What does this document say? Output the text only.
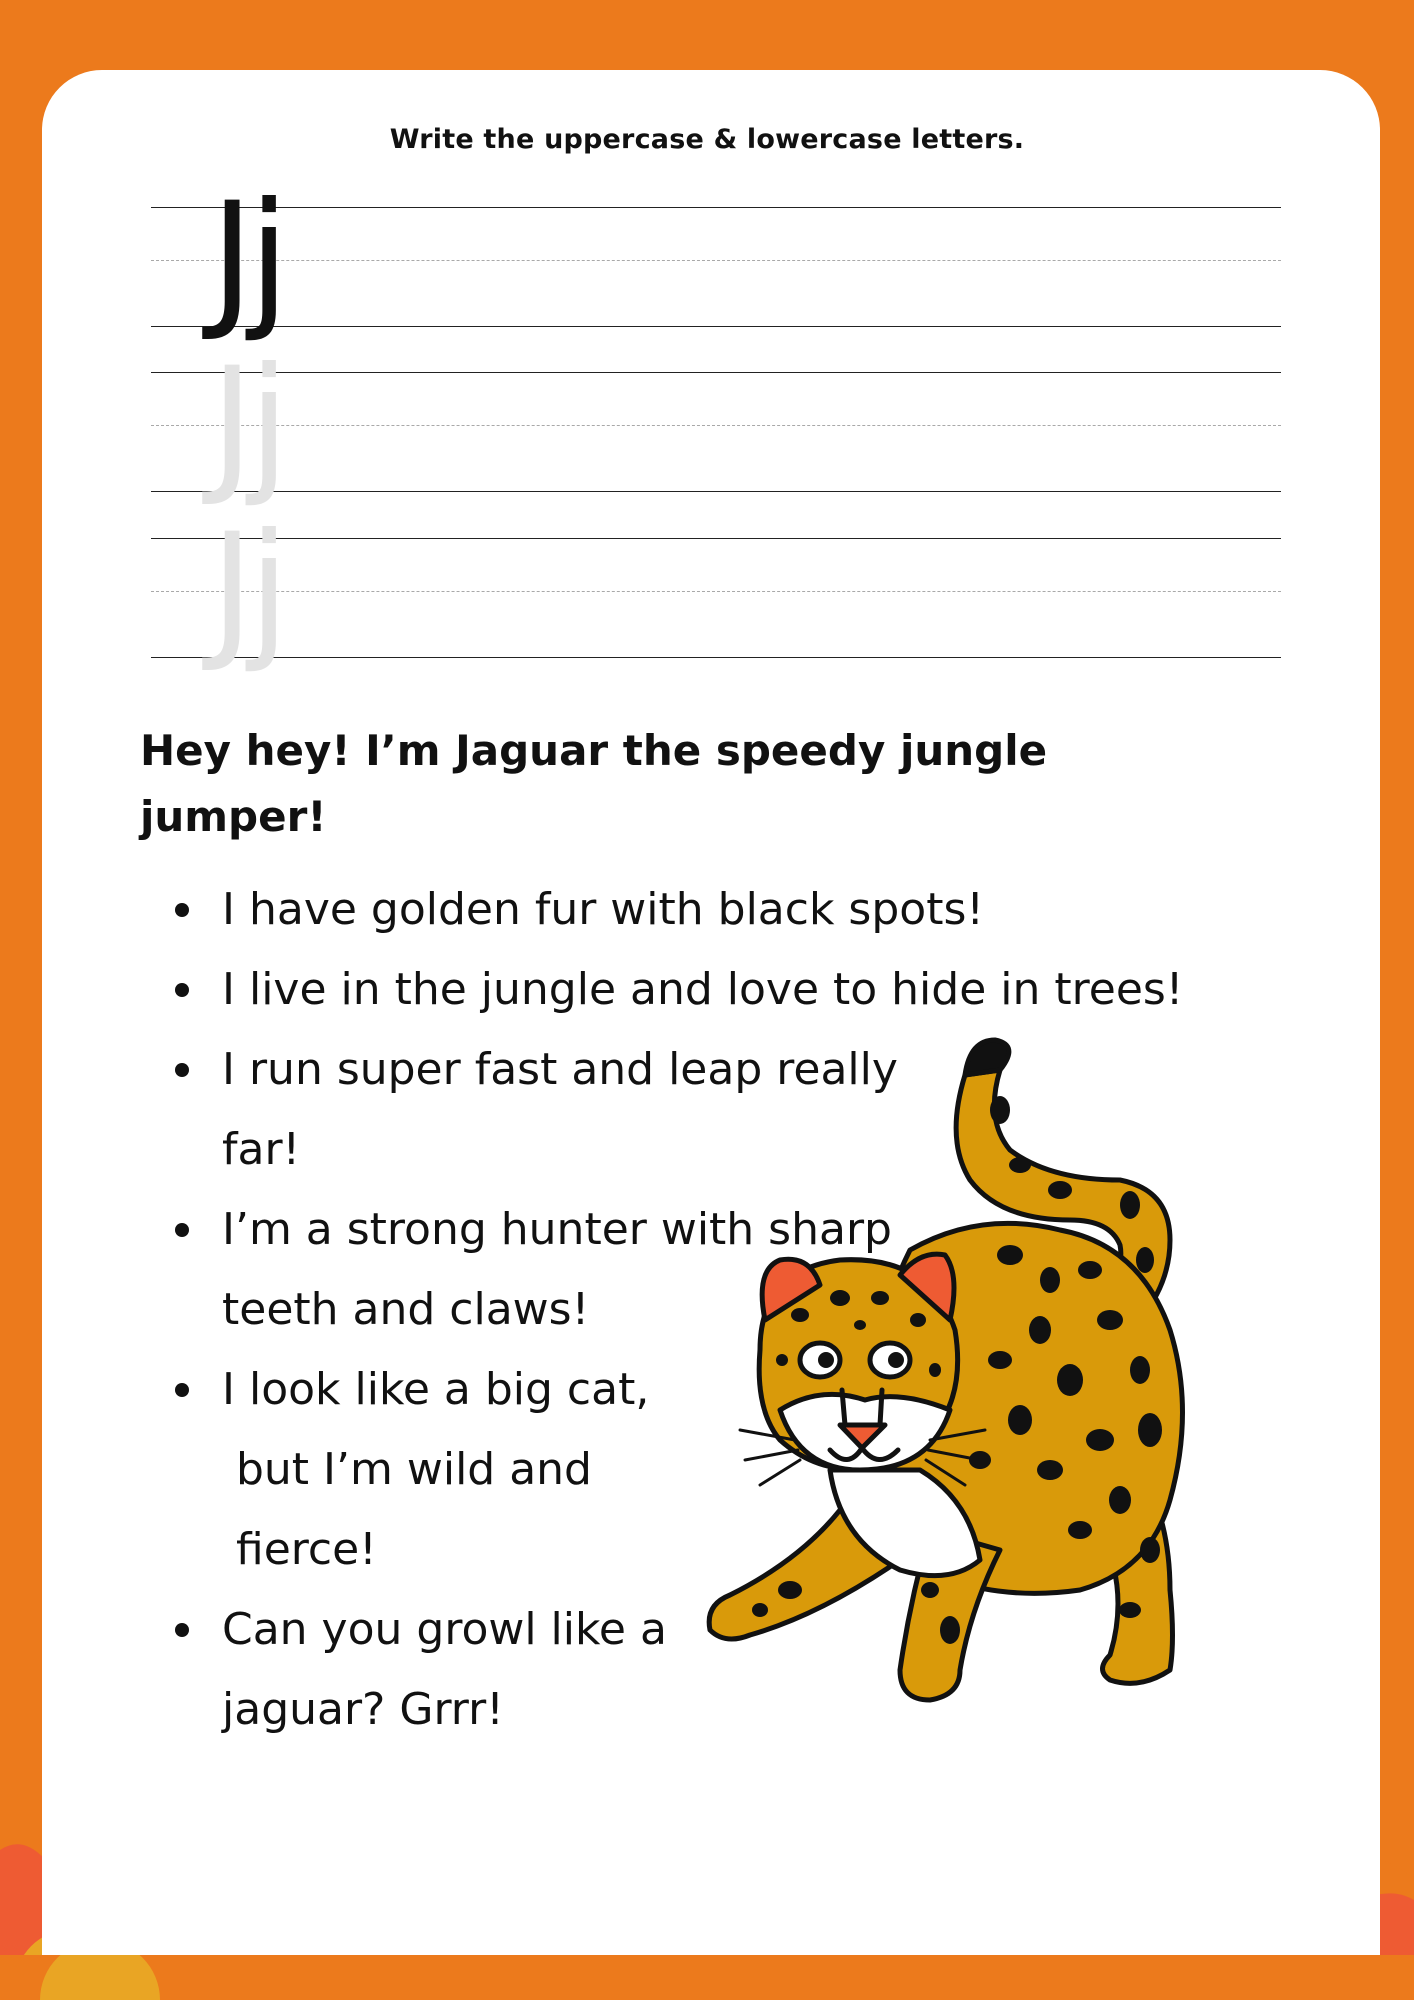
Write the uppercase & lowercase letters.
Jj
Jj
Jj
Hey hey! I’m Jaguar the speedy jungle
jumper!
I have golden fur with black spots!
I live in the jungle and love to hide in trees!
I run super fast and leap really
far!
I’m a strong hunter with sharp
teeth and claws!
I look like a big cat,
but I’m wild and
fierce!
Can you growl like a
jaguar? Grrr!
